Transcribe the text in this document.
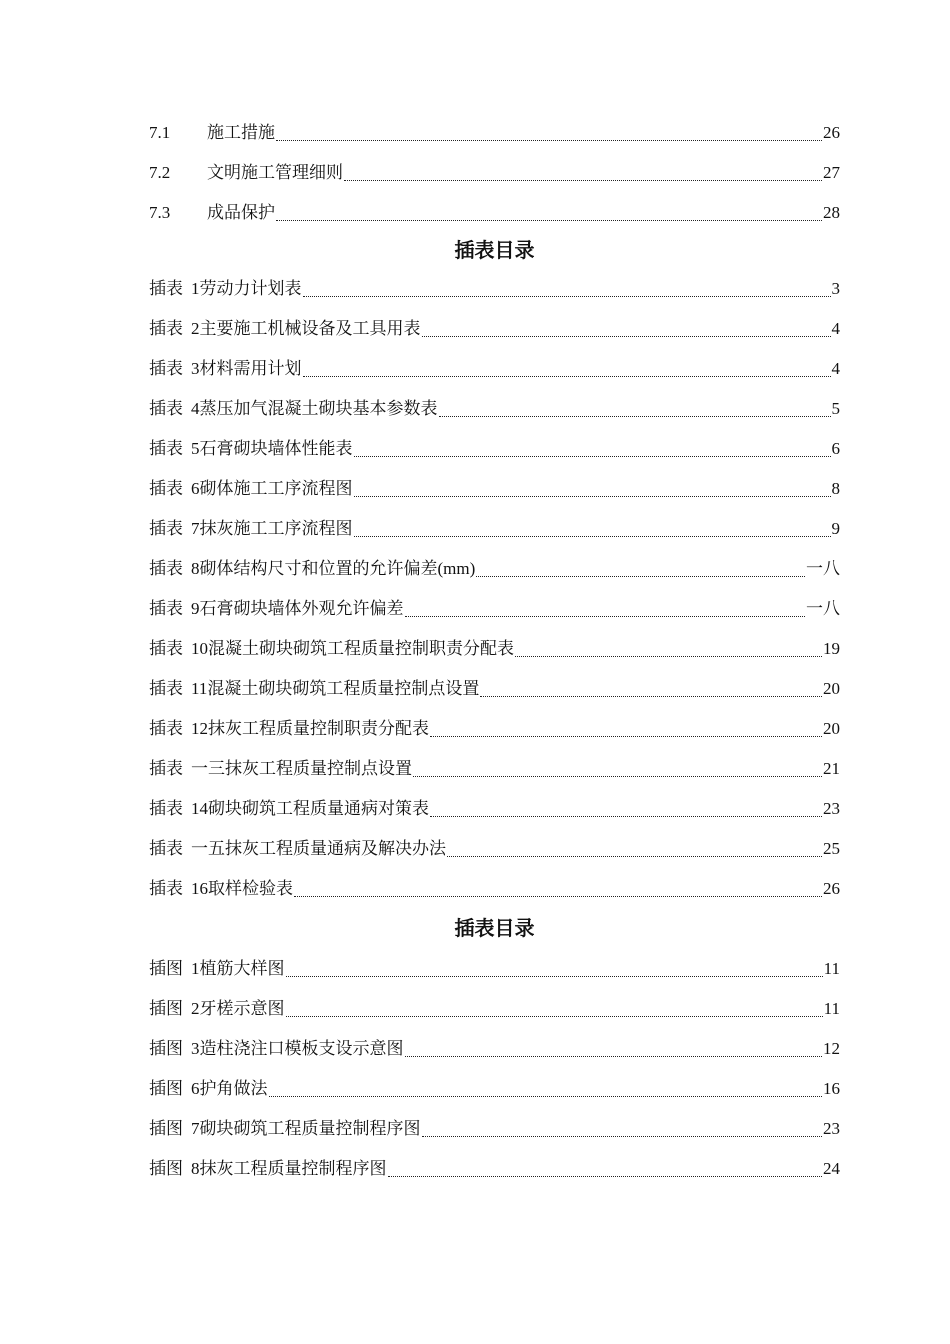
7.1	施工措施	26
7.2	文明施工管理细则	27
7.3	成品保护	28
插表目录
插表 1劳动力计划表	3
插表 2主要施工机械设备及工具用表	4
插表 3材料需用计划	4
插表 4蒸压加气混凝土砌块基本参数表	5
插表 5石膏砌块墙体性能表	6
插表 6砌体施工工序流程图	8
插表 7抹灰施工工序流程图	9
插表 8砌体结构尺寸和位置的允许偏差(mm)	一八
插表 9石膏砌块墙体外观允许偏差	一八
插表 10混凝土砌块砌筑工程质量控制职责分配表	19
插表 11混凝土砌块砌筑工程质量控制点设置	20
插表 12抹灰工程质量控制职责分配表	20
插表 一三抹灰工程质量控制点设置	21
插表 14砌块砌筑工程质量通病对策表	23
插表 一五抹灰工程质量通病及解决办法	25
插表 16取样检验表	26
插表目录
插图 1植筋大样图	11
插图 2牙槎示意图	11
插图 3造柱浇注口模板支设示意图	12
插图 6护角做法	16
插图 7砌块砌筑工程质量控制程序图	23
插图 8抹灰工程质量控制程序图	24
